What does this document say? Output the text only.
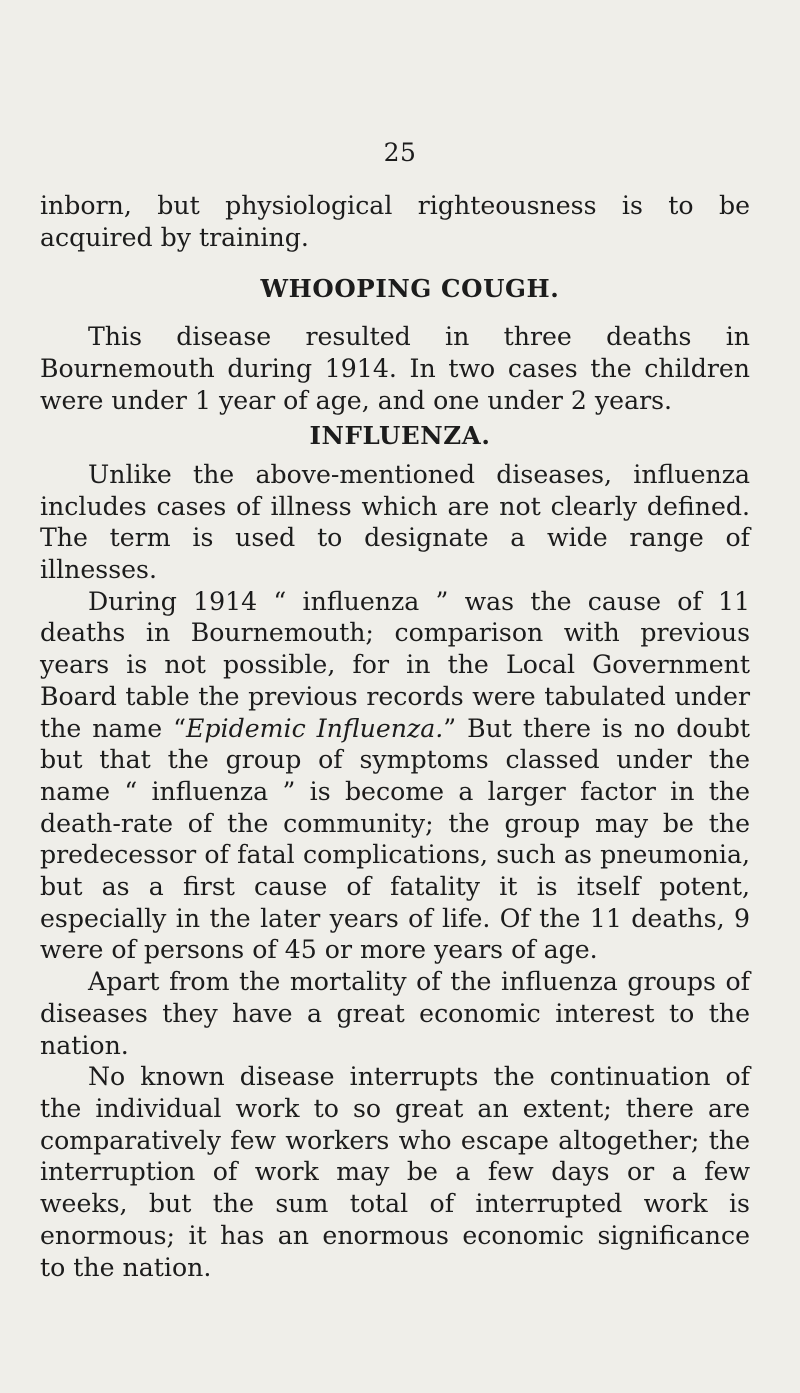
25

inborn, but physiological righteousness is to be acquired by training.

WHOOPING COUGH.

This disease resulted in three deaths in Bournemouth during 1914. In two cases the children were under 1 year of age, and one under 2 years.

INFLUENZA.

Unlike the above-mentioned diseases, influenza includes cases of illness which are not clearly defined. The term is used to designate a wide range of illnesses.

During 1914 “ influenza ” was the cause of 11 deaths in Bournemouth; comparison with previous years is not possible, for in the Local Government Board table the previous records were tabulated under the name “Epidemic Influenza.” But there is no doubt but that the group of symptoms classed under the name “ influenza ” is become a larger factor in the death-rate of the community; the group may be the predecessor of fatal complications, such as pneumonia, but as a first cause of fatality it is itself potent, especially in the later years of life. Of the 11 deaths, 9 were of persons of 45 or more years of age.

Apart from the mortality of the influenza groups of diseases they have a great economic interest to the nation.

No known disease interrupts the continuation of the individual work to so great an extent; there are comparatively few workers who escape altogether; the interruption of work may be a few days or a few weeks, but the sum total of interrupted work is enormous; it has an enormous economic significance to the nation.
